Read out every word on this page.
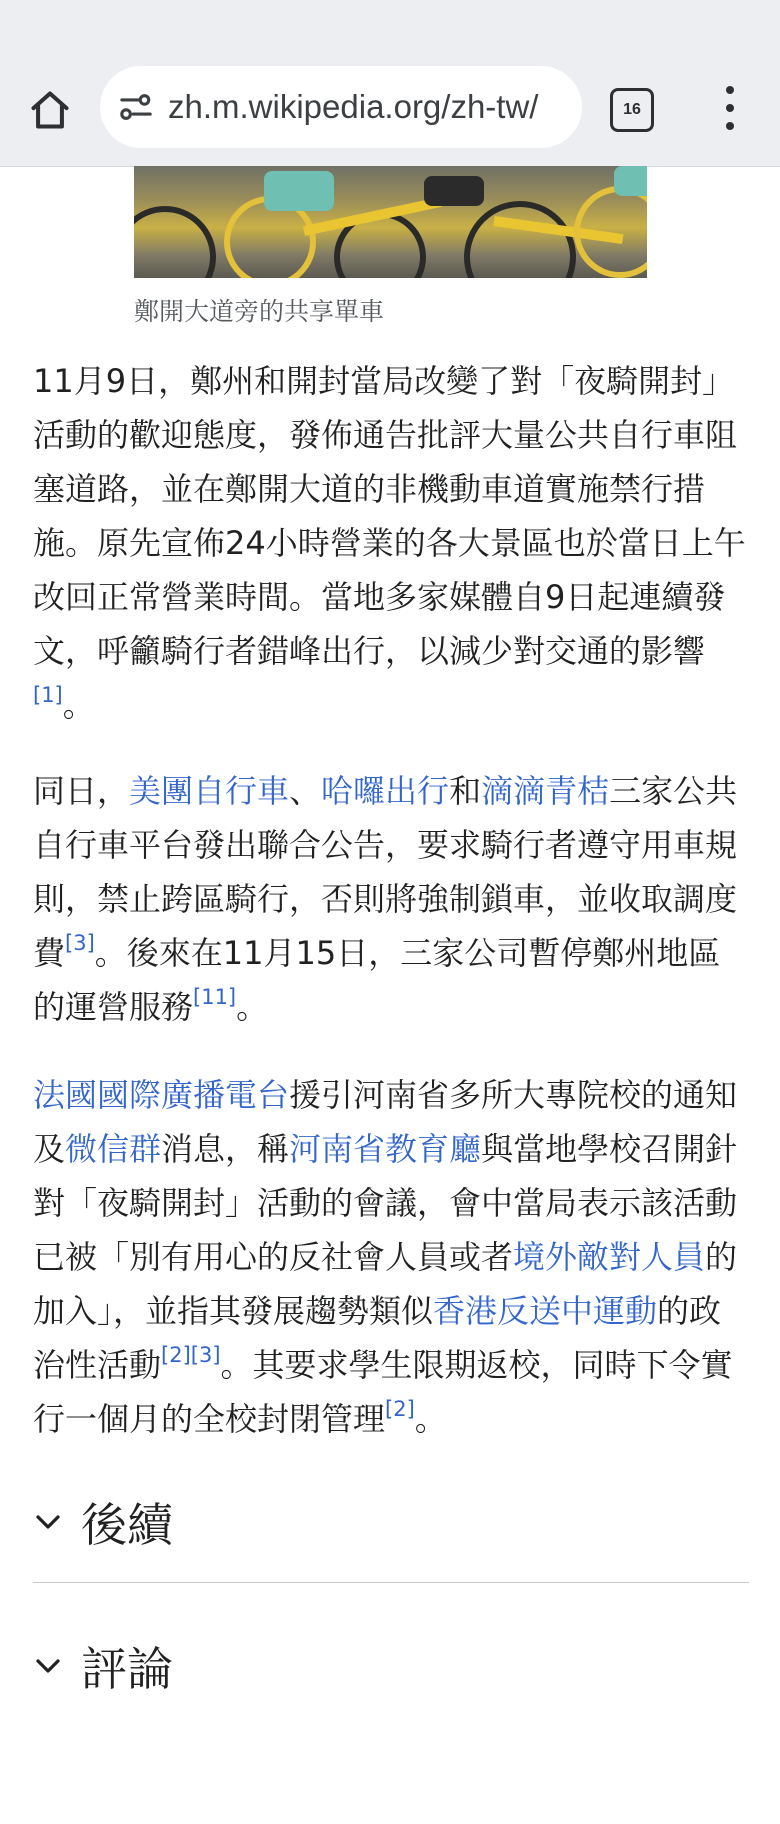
zh.m.wikipedia.org/zh-tw/	16
鄭開大道旁的共享單車

11月9日，鄭州和開封當局改變了對「夜騎開封」活動的歡迎態度，發佈通告批評大量公共自行車阻塞道路，並在鄭開大道的非機動車道實施禁行措施。原先宣佈24小時營業的各大景區也於當日上午改回正常營業時間。當地多家媒體自9日起連續發文，呼籲騎行者錯峰出行，以減少對交通的影響[1]。

同日，美團自行車、哈囉出行和滴滴青桔三家公共自行車平台發出聯合公告，要求騎行者遵守用車規則，禁止跨區騎行，否則將強制鎖車，並收取調度費[3]。後來在11月15日，三家公司暫停鄭州地區的運營服務[11]。

法國國際廣播電台援引河南省多所大專院校的通知及微信群消息，稱河南省教育廳與當地學校召開針對「夜騎開封」活動的會議，會中當局表示該活動已被「別有用心的反社會人員或者境外敵對人員的加入」，並指其發展趨勢類似香港反送中運動的政治性活動[2][3]。其要求學生限期返校，同時下令實行一個月的全校封閉管理[2]。

後續
評論
